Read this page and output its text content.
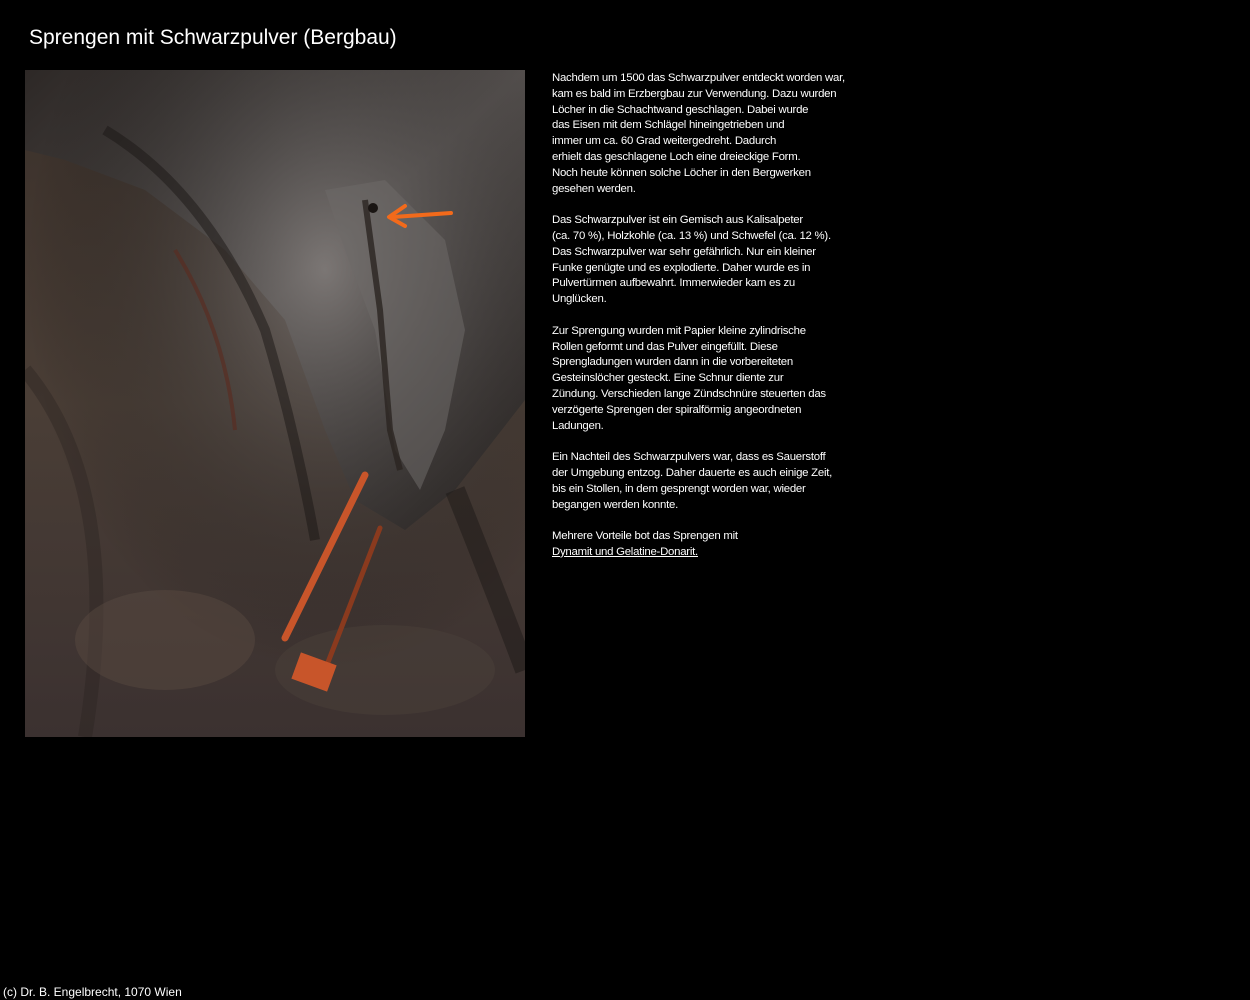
Sprengen mit Schwarzpulver (Bergbau)

Nachdem um 1500 das Schwarzpulver entdeckt worden war,
kam es bald im Erzbergbau zur Verwendung. Dazu wurden
Löcher in die Schachtwand geschlagen. Dabei wurde
das Eisen mit dem Schlägel hineingetrieben und
immer um ca. 60 Grad weitergedreht. Dadurch
erhielt das geschlagene Loch eine dreieckige Form.
Noch heute können solche Löcher in den Bergwerken
gesehen werden.

Das Schwarzpulver ist ein Gemisch aus Kalisalpeter
(ca. 70 %), Holzkohle (ca. 13 %) und Schwefel (ca. 12 %).
Das Schwarzpulver war sehr gefährlich. Nur ein kleiner
Funke genügte und es explodierte. Daher wurde es in
Pulvertürmen aufbewahrt. Immerwieder kam es zu
Unglücken.

Zur Sprengung wurden mit Papier kleine zylindrische
Rollen geformt und das Pulver eingefüllt. Diese
Sprengladungen wurden dann in die vorbereiteten
Gesteinslöcher gesteckt. Eine Schnur diente zur
Zündung. Verschieden lange Zündschnüre steuerten das
verzögerte Sprengen der spiralförmig angeordneten
Ladungen.

Ein Nachteil des Schwarzpulvers war, dass es Sauerstoff
der Umgebung entzog. Daher dauerte es auch einige Zeit,
bis ein Stollen, in dem gesprengt worden war, wieder
begangen werden konnte.

Mehrere Vorteile bot das Sprengen mit
Dynamit und Gelatine-Donarit.

(c) Dr. B. Engelbrecht, 1070 Wien
